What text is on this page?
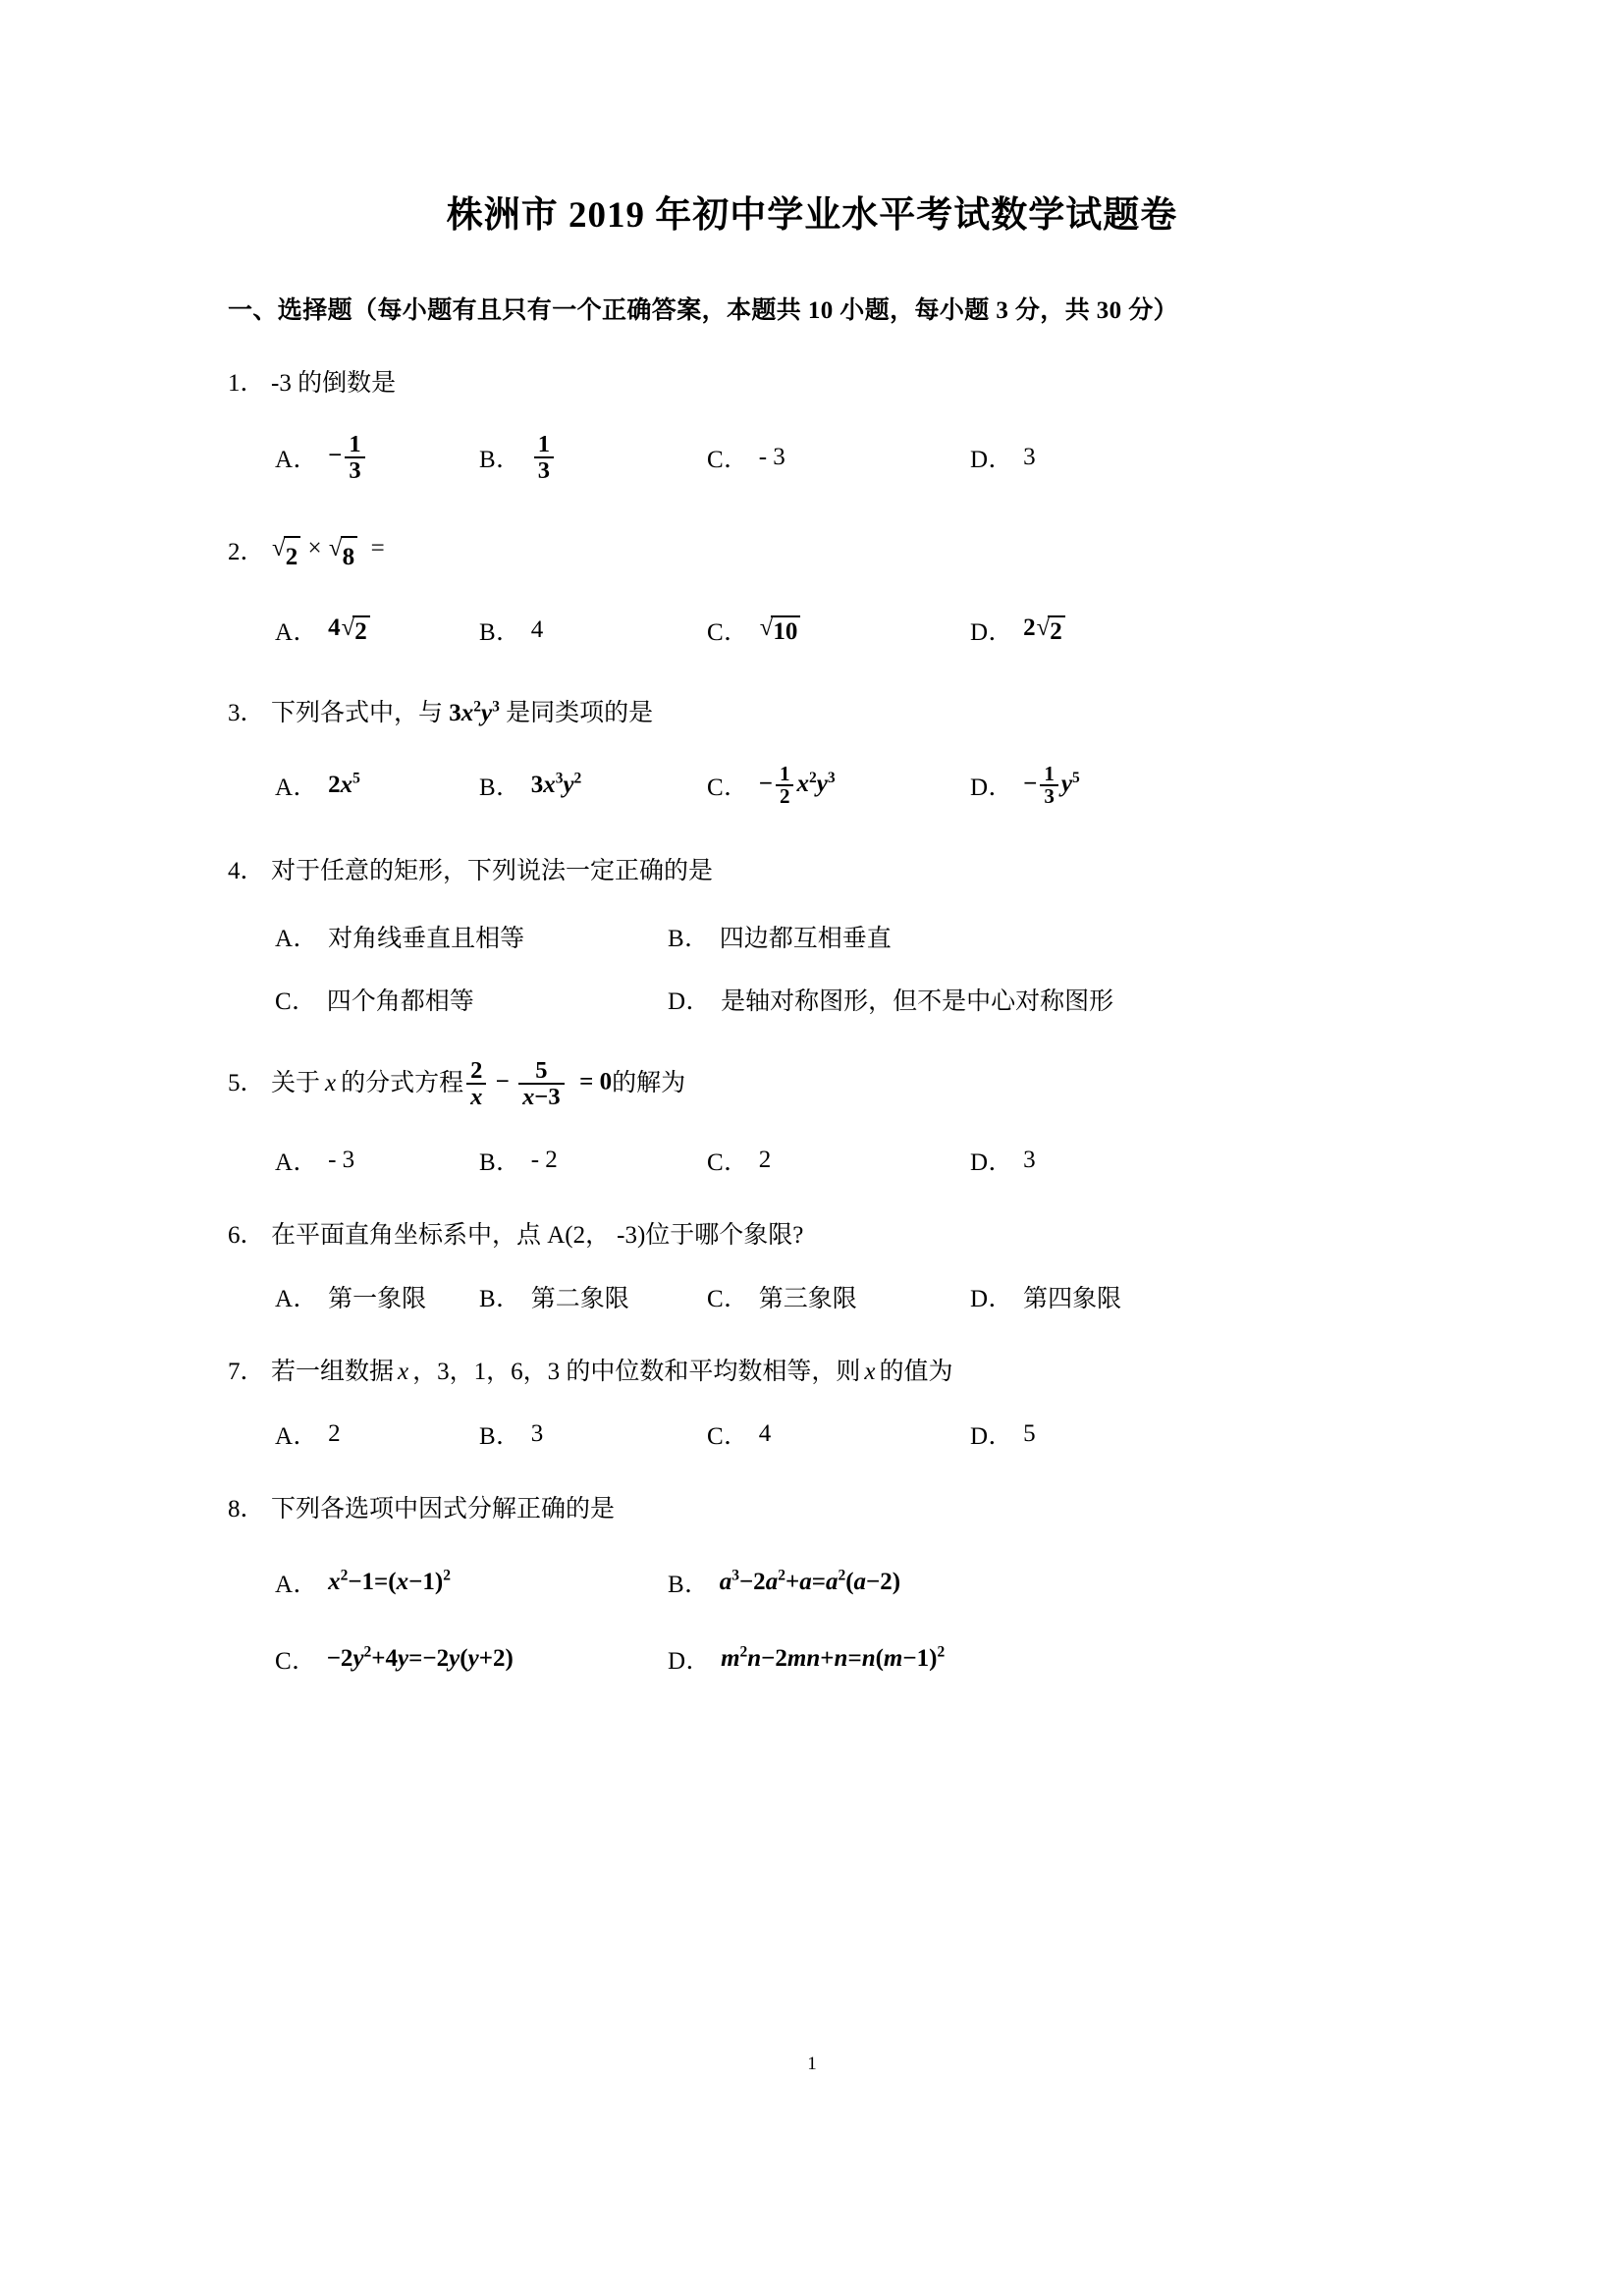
株洲市 2019 年初中学业水平考试数学试题卷
一、选择题（每小题有且只有一个正确答案，本题共 10 小题，每小题 3 分，共 30 分）
1． -3 的倒数是
A． − $\frac{1}{3}$	B． $\frac{1}{3}$	C． - 3	D． 3
2． √ 2 × √ 8 =
A． 4 √ 2	B． 4	C． √ 10	D． 2 √ 2
3． 下列各式中，与 $3x^2y^3$ 是同类项的是
A． $2x^5$	B． $3x^3y^2$	C． − $\frac{1}{2} x^2y^3$	D． − $\frac{1}{3} y^5$
4． 对于任意的矩形，下列说法一定正确的是
A． 对角线垂直且相等	B． 四边都互相垂直
C． 四个角都相等	D． 是轴对称图形，但不是中心对称图形
5． 关于 x 的分式方程 $\frac{2}{x} - \frac{5}{x-3} = 0$ 的解为
A． - 3	B． - 2	C． 2	D． 3
6． 在平面直角坐标系中，点 A(2， -3)位于哪个象限?
A． 第一象限 B． 第二象限	C． 第三象限	D． 第四象限
7． 若一组数据 x ，3，1，6，3 的中位数和平均数相等，则 x 的值为
A． 2	B． 3	C． 4	D． 5
8． 下列各选项中因式分解正确的是
A． $x^2-1=(x-1)^2$	B． $a^3-2a^2+a=a^2(a-2)$
C． $-2y^2+4y=-2y(y+2)$	D． $m^2n-2mn+n=n(m-1)^2$
1
